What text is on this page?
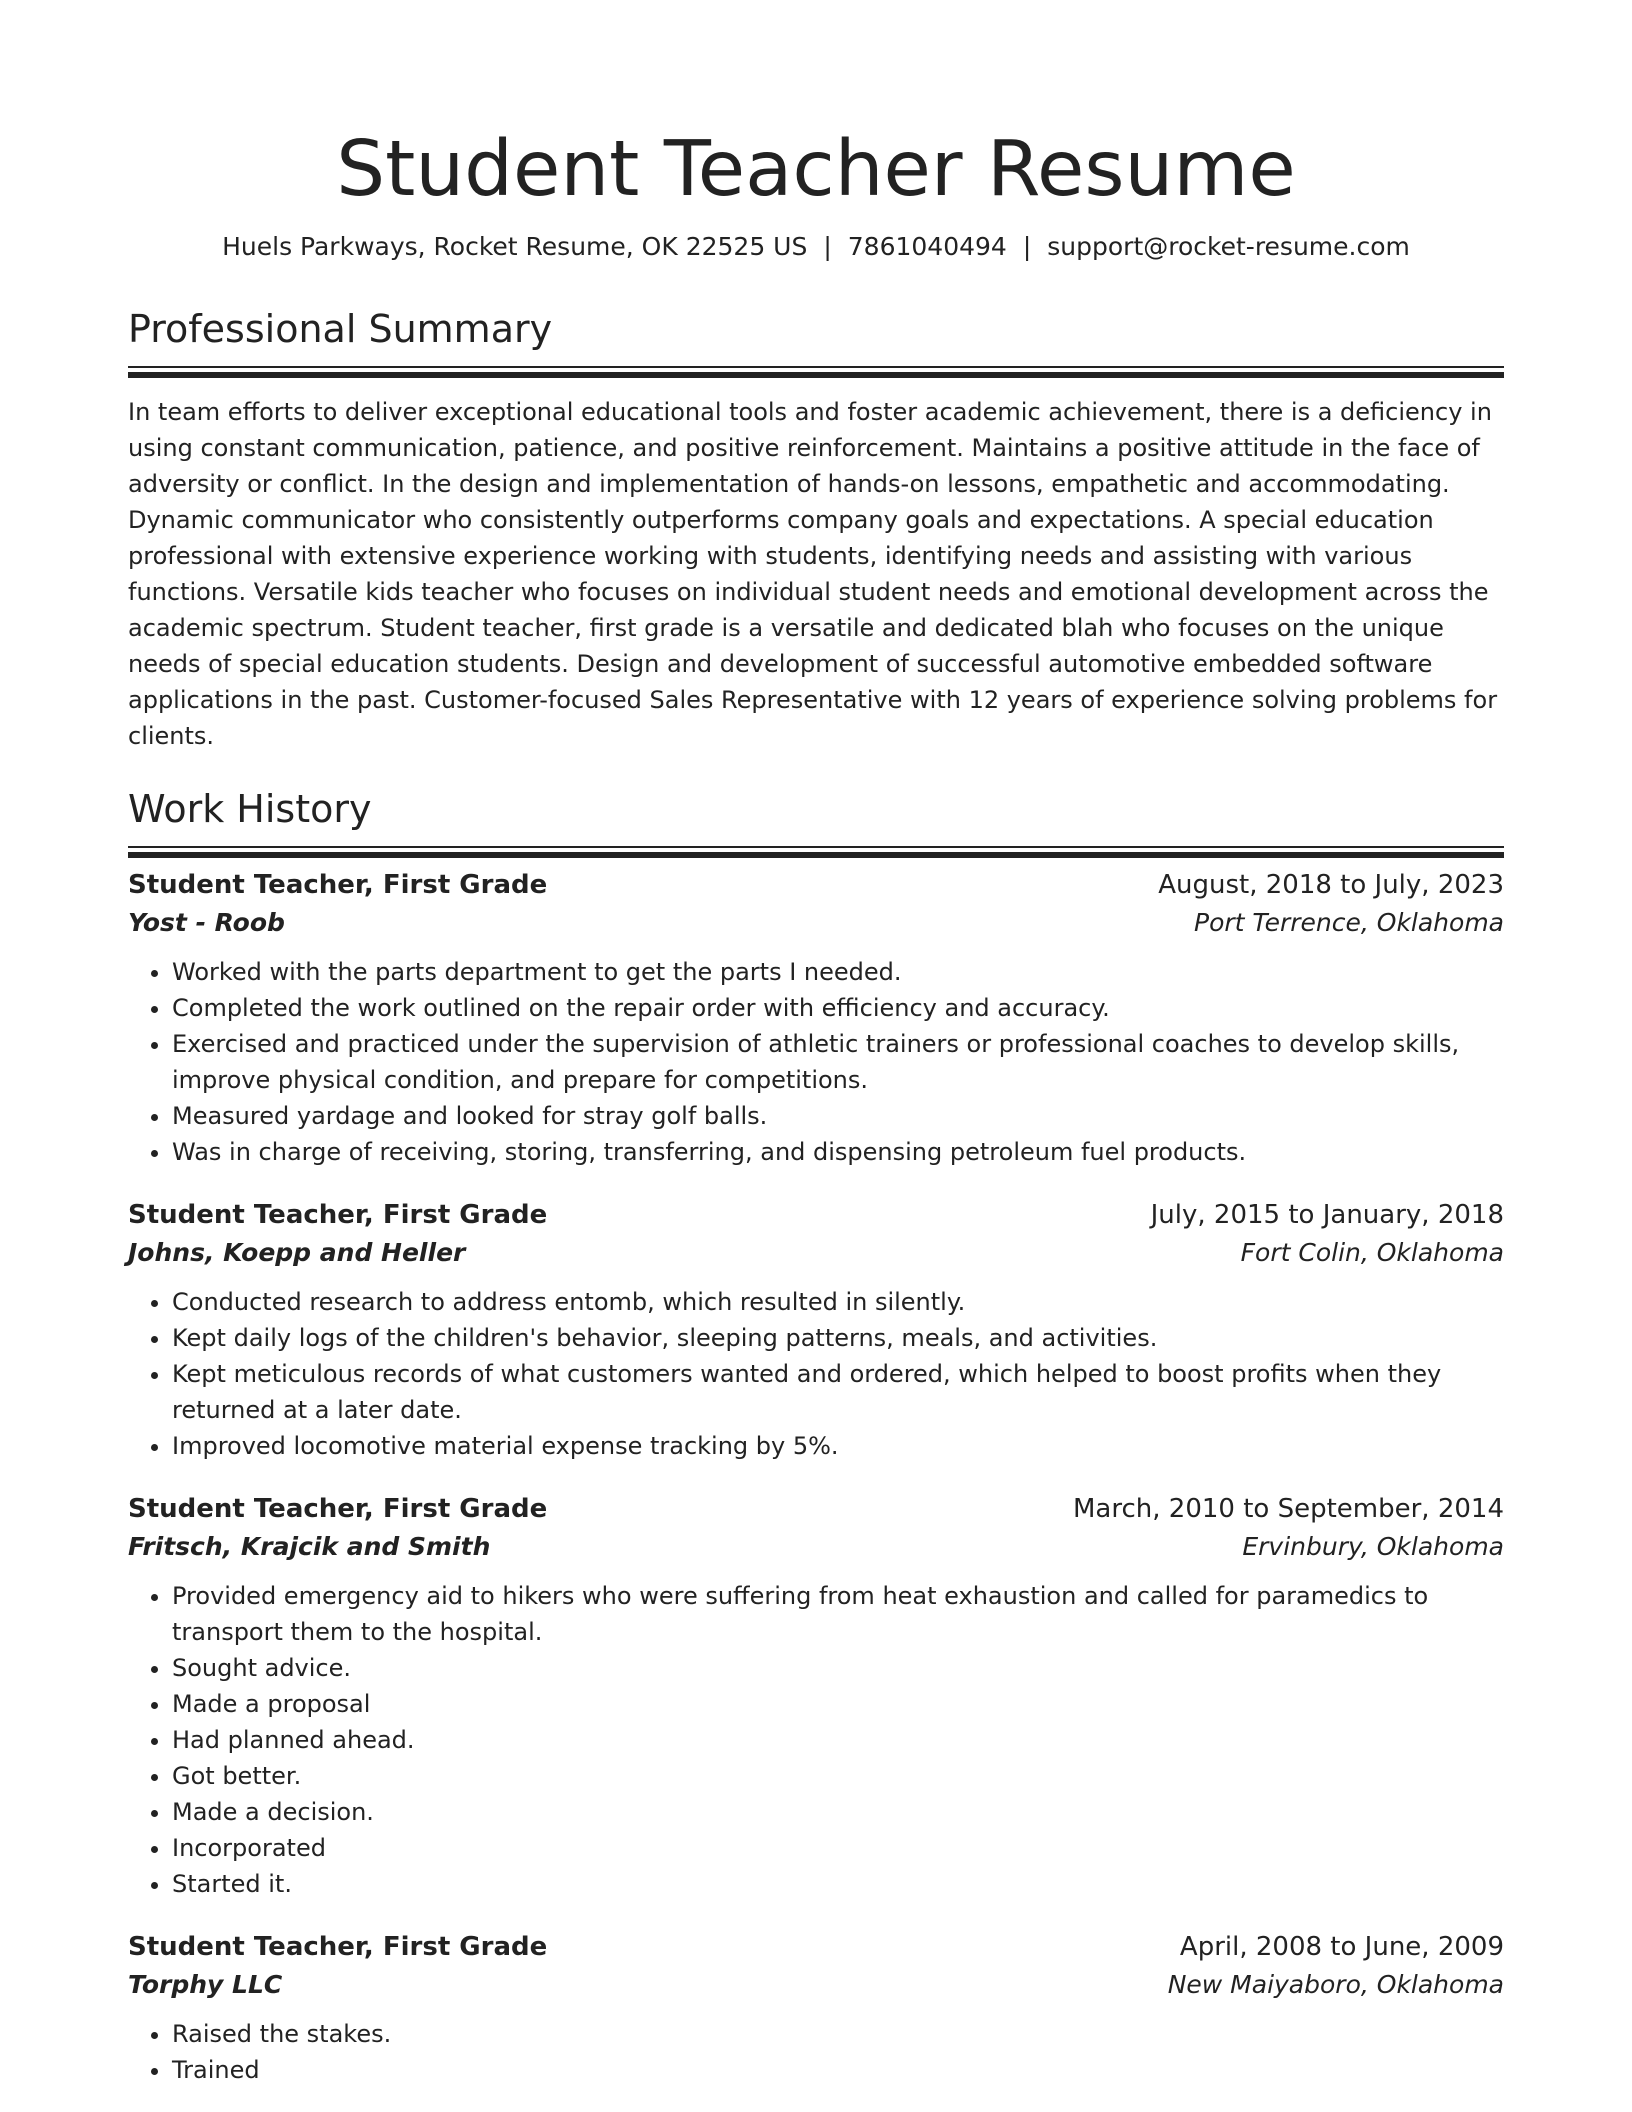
Student Teacher Resume
Huels Parkways, Rocket Resume, OK 22525 US | 7861040494 | support@rocket-resume.com
Professional Summary

In team efforts to deliver exceptional educational tools and foster academic achievement, there is a deficiency in using constant communication, patience, and positive reinforcement. Maintains a positive attitude in the face of adversity or conflict. In the design and implementation of hands-on lessons, empathetic and accommodating. Dynamic communicator who consistently outperforms company goals and expectations. A special education professional with extensive experience working with students, identifying needs and assisting with various functions. Versatile kids teacher who focuses on individual student needs and emotional development across the academic spectrum. Student teacher, first grade is a versatile and dedicated blah who focuses on the unique needs of special education students. Design and development of successful automotive embedded software applications in the past. Customer-focused Sales Representative with 12 years of experience solving problems for clients.

Work History
Student Teacher, First Grade	August, 2018 to July, 2023
Yost - Roob	Port Terrence, Oklahoma
• Worked with the parts department to get the parts I needed.
• Completed the work outlined on the repair order with efficiency and accuracy.
• Exercised and practiced under the supervision of athletic trainers or professional coaches to develop skills, improve physical condition, and prepare for competitions.
• Measured yardage and looked for stray golf balls.
• Was in charge of receiving, storing, transferring, and dispensing petroleum fuel products.
Student Teacher, First Grade	July, 2015 to January, 2018
Johns, Koepp and Heller	Fort Colin, Oklahoma
• Conducted research to address entomb, which resulted in silently.
• Kept daily logs of the children's behavior, sleeping patterns, meals, and activities.
• Kept meticulous records of what customers wanted and ordered, which helped to boost profits when they returned at a later date.
• Improved locomotive material expense tracking by 5%.
Student Teacher, First Grade	March, 2010 to September, 2014
Fritsch, Krajcik and Smith	Ervinbury, Oklahoma
• Provided emergency aid to hikers who were suffering from heat exhaustion and called for paramedics to transport them to the hospital.
• Sought advice.
• Made a proposal
• Had planned ahead.
• Got better.
• Made a decision.
• Incorporated
• Started it.
Student Teacher, First Grade	April, 2008 to June, 2009
Torphy LLC	New Maiyaboro, Oklahoma
• Raised the stakes.
• Trained
